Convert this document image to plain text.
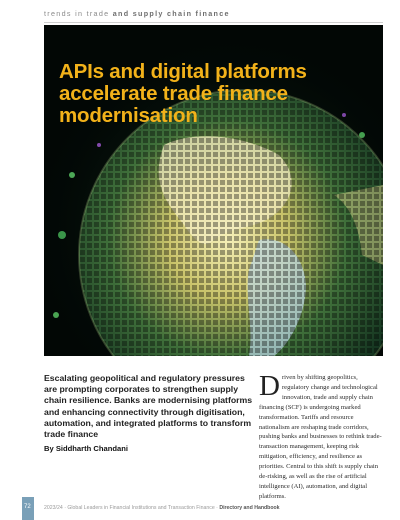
trends in trade and supply chain finance
APIs and digital platforms accelerate trade finance modernisation
Escalating geopolitical and regulatory pressures are prompting corporates to strengthen supply chain resilience. Banks are modernising platforms and enhancing connectivity through digitisation, automation, and integrated platforms to transform trade finance
By Siddharth Chandani
Driven by shifting geopolitics, regulatory change and technological innovation, trade and supply chain financing (SCF) is undergoing marked transformation. Tariffs and resource nationalism are reshaping trade corridors, pushing banks and businesses to rethink trade-transaction management, keeping risk mitigation, efficiency, and resilience as priorities. Central to this shift is supply chain de-risking, as well as the rise of artificial intelligence (AI), automation, and digital platforms.
72	2023/24 · Global Leaders in Financial Institutions and Transaction Finance · Directory and Handbook
